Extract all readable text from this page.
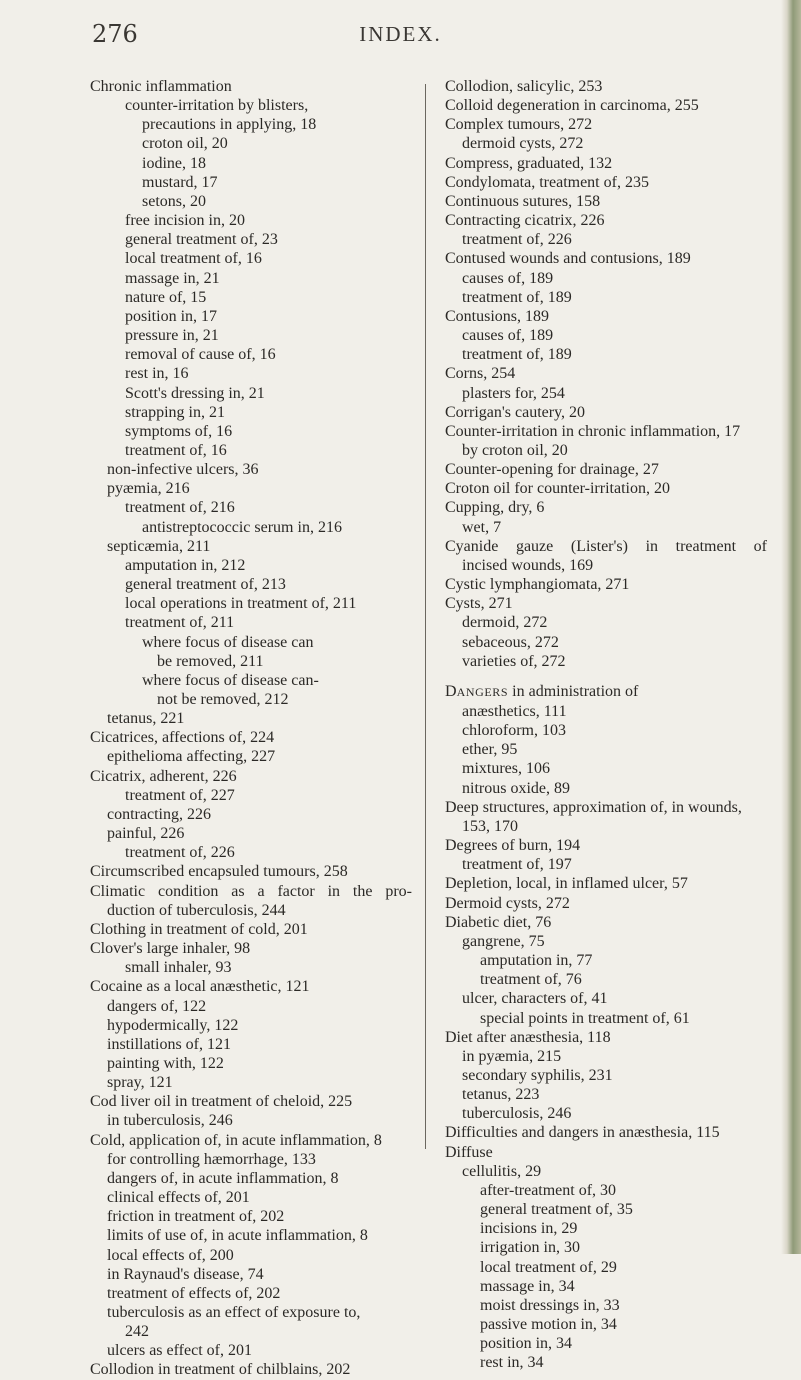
276	INDEX.
Chronic inflammation
counter-irritation by blisters,
precautions in applying, 18
croton oil, 20
iodine, 18
mustard, 17
setons, 20
free incision in, 20
general treatment of, 23
local treatment of, 16
massage in, 21
nature of, 15
position in, 17
pressure in, 21
removal of cause of, 16
rest in, 16
Scott's dressing in, 21
strapping in, 21
symptoms of, 16
treatment of, 16
non-infective ulcers, 36
pyæmia, 216
treatment of, 216
antistreptococcic serum in, 216
septicæmia, 211
amputation in, 212
general treatment of, 213
local operations in treatment of, 211
treatment of, 211
where focus of disease can
be removed, 211
where focus of disease can-
not be removed, 212
tetanus, 221
Cicatrices, affections of, 224
epithelioma affecting, 227
Cicatrix, adherent, 226
treatment of, 227
contracting, 226
painful, 226
treatment of, 226
Circumscribed encapsuled tumours, 258
Climatic condition as a factor in the pro-
duction of tuberculosis, 244
Clothing in treatment of cold, 201
Clover's large inhaler, 98
small inhaler, 93
Cocaine as a local anæsthetic, 121
dangers of, 122
hypodermically, 122
instillations of, 121
painting with, 122
spray, 121
Cod liver oil in treatment of cheloid, 225
in tuberculosis, 246
Cold, application of, in acute inflammation, 8
for controlling hæmorrhage, 133
dangers of, in acute inflammation, 8
clinical effects of, 201
friction in treatment of, 202
limits of use of, in acute inflammation, 8
local effects of, 200
in Raynaud's disease, 74
treatment of effects of, 202
tuberculosis as an effect of exposure to,
242
ulcers as effect of, 201
Collodion in treatment of chilblains, 202
Collodion, salicylic, 253
Colloid degeneration in carcinoma, 255
Complex tumours, 272
dermoid cysts, 272
Compress, graduated, 132
Condylomata, treatment of, 235
Continuous sutures, 158
Contracting cicatrix, 226
treatment of, 226
Contused wounds and contusions, 189
causes of, 189
treatment of, 189
Contusions, 189
causes of, 189
treatment of, 189
Corns, 254
plasters for, 254
Corrigan's cautery, 20
Counter-irritation in chronic inflammation, 17
by croton oil, 20
Counter-opening for drainage, 27
Croton oil for counter-irritation, 20
Cupping, dry, 6
wet, 7
Cyanide gauze (Lister's) in treatment of
incised wounds, 169
Cystic lymphangiomata, 271
Cysts, 271
dermoid, 272
sebaceous, 272
varieties of, 272
DANGERS in administration of
anæsthetics, 111
chloroform, 103
ether, 95
mixtures, 106
nitrous oxide, 89
Deep structures, approximation of, in wounds,
153, 170
Degrees of burn, 194
treatment of, 197
Depletion, local, in inflamed ulcer, 57
Dermoid cysts, 272
Diabetic diet, 76
gangrene, 75
amputation in, 77
treatment of, 76
ulcer, characters of, 41
special points in treatment of, 61
Diet after anæsthesia, 118
in pyæmia, 215
secondary syphilis, 231
tetanus, 223
tuberculosis, 246
Difficulties and dangers in anæsthesia, 115
Diffuse
cellulitis, 29
after-treatment of, 30
general treatment of, 35
incisions in, 29
irrigation in, 30
local treatment of, 29
massage in, 34
moist dressings in, 33
passive motion in, 34
position in, 34
rest in, 34
